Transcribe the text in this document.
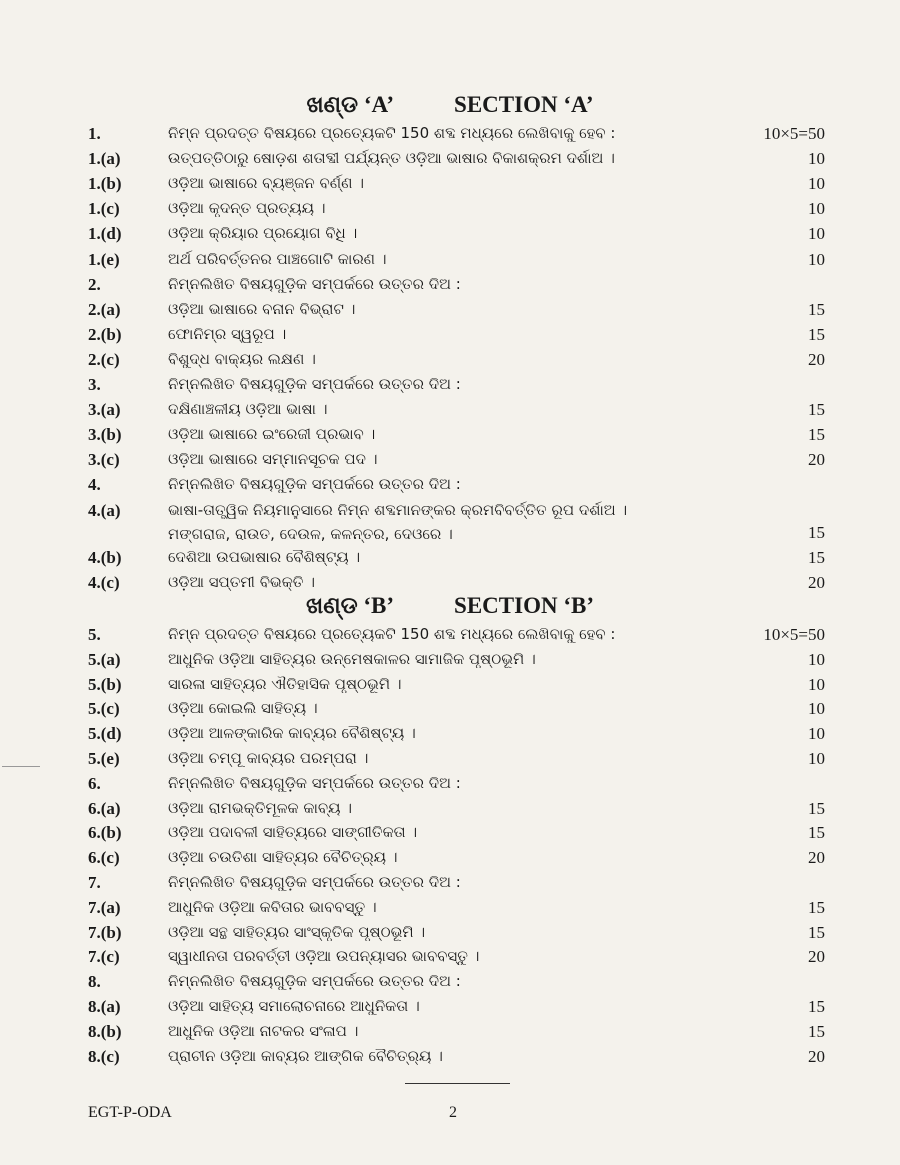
ଖଣ୍ଡ ‘A’	SECTION ‘A’
1.	ନିମ୍ନ ପ୍ରଦତ୍ତ ବିଷୟରେ ପ୍ରତ୍ୟେକଟି 150 ଶବ୍ଦ ମଧ୍ୟରେ ଲେଖିବାକୁ ହେବ :	10×5=50
1.(a)	ଉତ୍ପତ୍ତିଠାରୁ ଷୋଡ଼ଶ ଶତାବ୍ଦୀ ପର୍ଯ୍ୟନ୍ତ ଓଡ଼ିଆ ଭାଷାର ବିକାଶକ୍ରମ ଦର୍ଶାଅ ।	10
1.(b)	ଓଡ଼ିଆ ଭାଷାରେ ବ୍ୟଞ୍ଜନ ବର୍ଣ୍ଣ ।	10
1.(c)	ଓଡ଼ିଆ କୃଦନ୍ତ ପ୍ରତ୍ୟୟ ।	10
1.(d)	ଓଡ଼ିଆ କ୍ରିୟାର ପ୍ରୟୋଗ ବିଧି ।	10
1.(e)	ଅର୍ଥ ପରିବର୍ତ୍ତନର ପାଞ୍ଚଗୋଟି କାରଣ ।	10
2.	ନିମ୍ନଲିଖିତ ବିଷୟଗୁଡ଼ିକ ସମ୍ପର୍କରେ ଉତ୍ତର ଦିଅ :
2.(a)	ଓଡ଼ିଆ ଭାଷାରେ ବନାନ ବିଭ୍ରାଟ ।	15
2.(b)	ଫୋନିମ୍‌ର ସ୍ୱରୂପ ।	15
2.(c)	ବିଶୁଦ୍ଧ ବାକ୍ୟର ଲକ୍ଷଣ ।	20
3.	ନିମ୍ନଲିଖିତ ବିଷୟଗୁଡ଼ିକ ସମ୍ପର୍କରେ ଉତ୍ତର ଦିଅ :
3.(a)	ଦକ୍ଷିଣାଞ୍ଚଳୀୟ ଓଡ଼ିଆ ଭାଷା ।	15
3.(b)	ଓଡ଼ିଆ ଭାଷାରେ ଇଂରେଜୀ ପ୍ରଭାବ ।	15
3.(c)	ଓଡ଼ିଆ ଭାଷାରେ ସମ୍ମାନସୂଚକ ପଦ ।	20
4.	ନିମ୍ନଲିଖିତ ବିଷୟଗୁଡ଼ିକ ସମ୍ପର୍କରେ ଉତ୍ତର ଦିଅ :
4.(a)	ଭାଷା-ତାତ୍ତ୍ୱିକ ନିୟମାନୁସାରେ ନିମ୍ନ ଶବ୍ଦମାନଙ୍କର କ୍ରମବିବର୍ତ୍ତିତ ରୂପ ଦର୍ଶାଅ ।
ମଙ୍ଗରାଜ, ରାଉତ, ଦେଉଳ, କଳନ୍ତର, ଦେଓରେ ।	15
4.(b)	ଦେଶିଆ ଉପଭାଷାର ବୈଶିଷ୍ଟ୍ୟ ।	15
4.(c)	ଓଡ଼ିଆ ସପ୍ତମୀ ବିଭକ୍ତି ।	20
ଖଣ୍ଡ ‘B’	SECTION ‘B’
5.	ନିମ୍ନ ପ୍ରଦତ୍ତ ବିଷୟରେ ପ୍ରତ୍ୟେକଟି 150 ଶବ୍ଦ ମଧ୍ୟରେ ଲେଖିବାକୁ ହେବ :	10×5=50
5.(a)	ଆଧୁନିକ ଓଡ଼ିଆ ସାହିତ୍ୟର ଉନ୍ମେଷକାଳର ସାମାଜିକ ପୃଷ୍ଠଭୂମି ।	10
5.(b)	ସାରଳା ସାହିତ୍ୟର ଐତିହାସିକ ପୃଷ୍ଠଭୂମି ।	10
5.(c)	ଓଡ଼ିଆ କୋଇଲି ସାହିତ୍ୟ ।	10
5.(d)	ଓଡ଼ିଆ ଆଳଙ୍କାରିକ କାବ୍ୟର ବୈଶିଷ୍ଟ୍ୟ ।	10
5.(e)	ଓଡ଼ିଆ ଚମ୍ପୂ କାବ୍ୟର ପରମ୍ପରା ।	10
6.	ନିମ୍ନଲିଖିତ ବିଷୟଗୁଡ଼ିକ ସମ୍ପର୍କରେ ଉତ୍ତର ଦିଅ :
6.(a)	ଓଡ଼ିଆ ରାମଭକ୍ତିମୂଳକ କାବ୍ୟ ।	15
6.(b)	ଓଡ଼ିଆ ପଦାବଳୀ ସାହିତ୍ୟରେ ସାଙ୍ଗୀତିକତା ।	15
6.(c)	ଓଡ଼ିଆ ଚଉତିଶା ସାହିତ୍ୟର ବୈଚିତ୍ର୍ୟ ।	20
7.	ନିମ୍ନଲିଖିତ ବିଷୟଗୁଡ଼ିକ ସମ୍ପର୍କରେ ଉତ୍ତର ଦିଅ :
7.(a)	ଆଧୁନିକ ଓଡ଼ିଆ କବିତାର ଭାବବସ୍ତୁ ।	15
7.(b)	ଓଡ଼ିଆ ସନ୍ଥ ସାହିତ୍ୟର ସାଂସ୍କୃତିକ ପୃଷ୍ଠଭୂମି ।	15
7.(c)	ସ୍ୱାଧୀନତା ପରବର୍ତ୍ତୀ ଓଡ଼ିଆ ଉପନ୍ୟାସର ଭାବବସ୍ତୁ ।	20
8.	ନିମ୍ନଲିଖିତ ବିଷୟଗୁଡ଼ିକ ସମ୍ପର୍କରେ ଉତ୍ତର ଦିଅ :
8.(a)	ଓଡ଼ିଆ ସାହିତ୍ୟ ସମାଲୋଚନାରେ ଆଧୁନିକତା ।	15
8.(b)	ଆଧୁନିକ ଓଡ଼ିଆ ନାଟକର ସଂଳାପ ।	15
8.(c)	ପ୍ରାଚୀନ ଓଡ଼ିଆ କାବ୍ୟର ଆଙ୍ଗିକ ବୈଚିତ୍ର୍ୟ ।	20
EGT-P-ODA	2
